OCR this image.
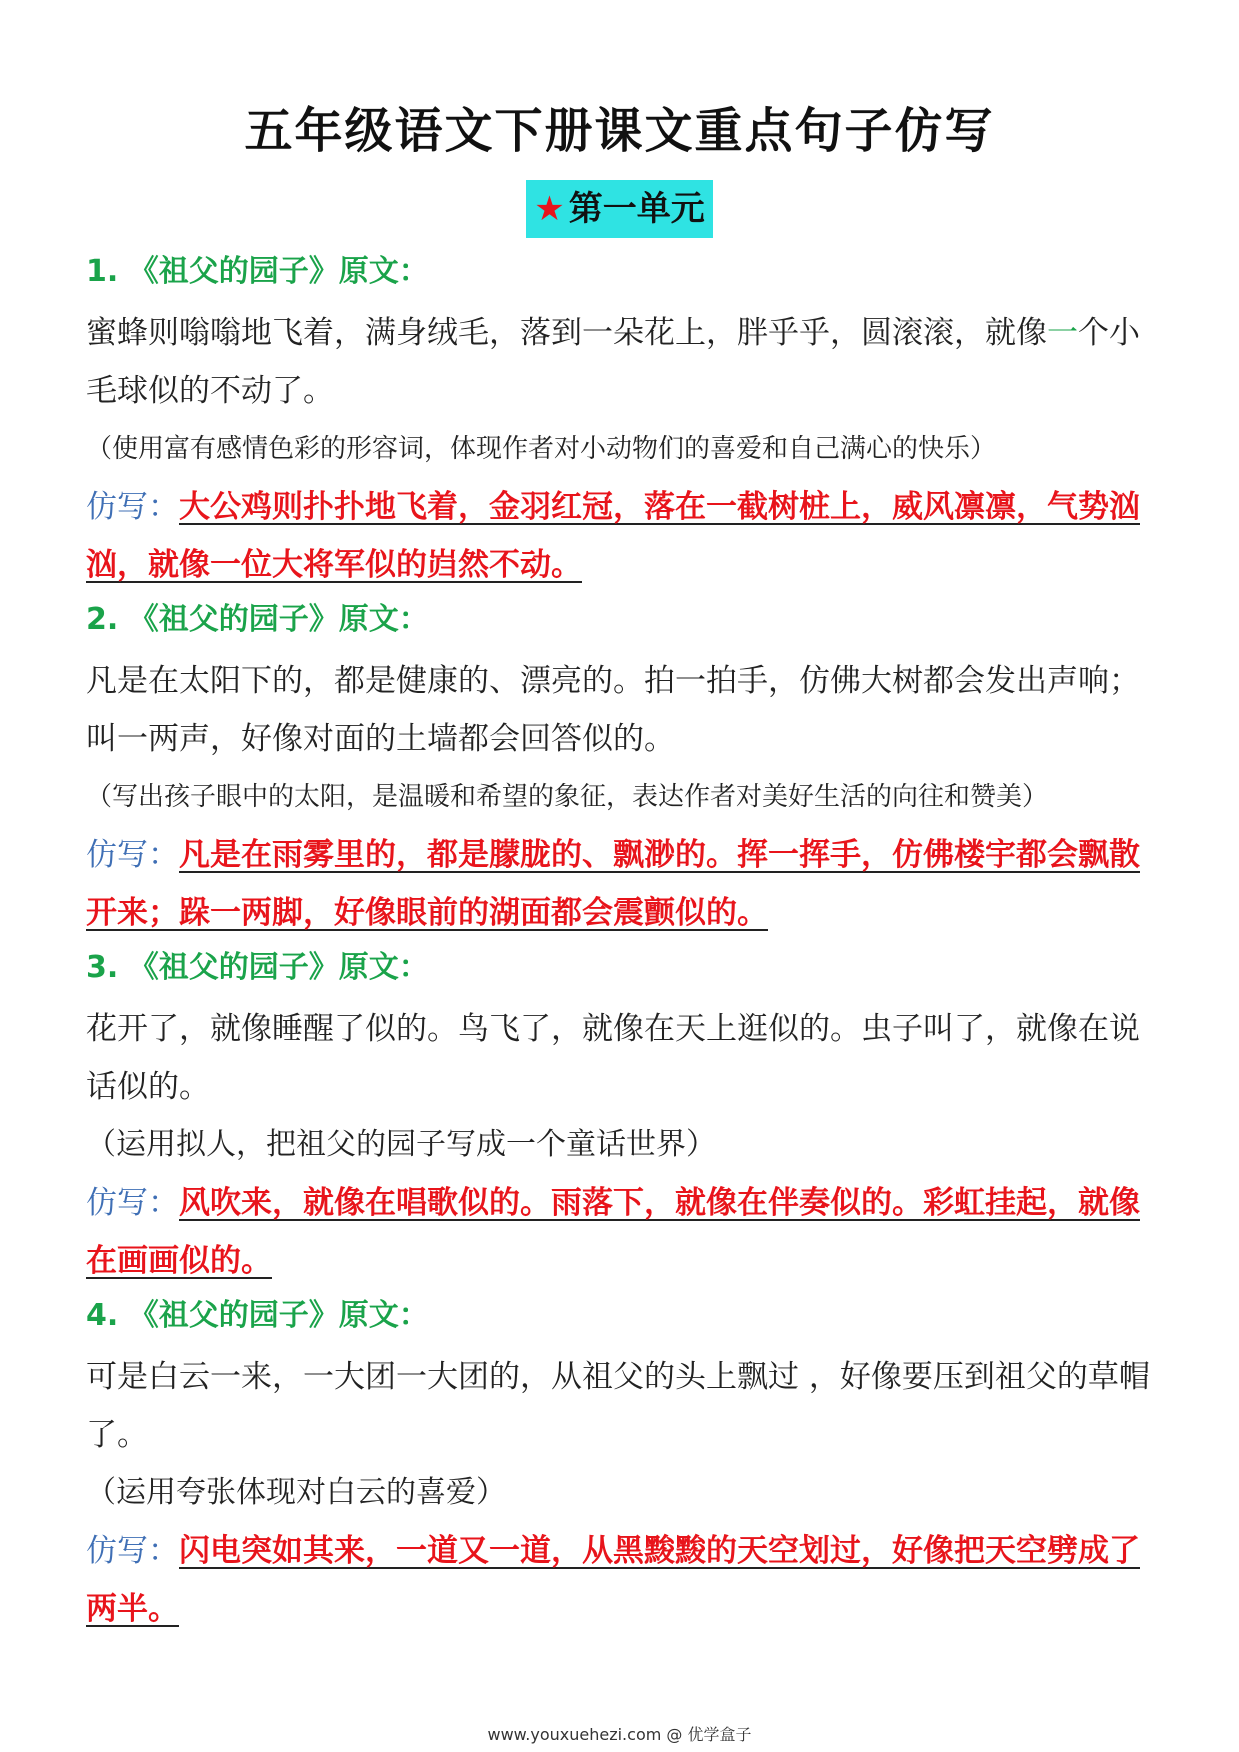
五年级语文下册课文重点句子仿写
★ 第一单元
1. 《祖父的园子》原文：

蜜蜂则嗡嗡地飞着，满身绒毛，落到一朵花上，胖乎乎，圆滚滚，就像一个小毛球似的不动了。

（使用富有感情色彩的形容词，体现作者对小动物们的喜爱和自己满心的快乐）

仿写：大公鸡则扑扑地飞着，金羽红冠，落在一截树桩上，威风凛凛，气势汹汹，就像一位大将军似的岿然不动。

2. 《祖父的园子》原文：

凡是在太阳下的，都是健康的、漂亮的。拍一拍手，仿佛大树都会发出声响；叫一两声，好像对面的土墙都会回答似的。

（写出孩子眼中的太阳，是温暖和希望的象征，表达作者对美好生活的向往和赞美）

仿写：凡是在雨雾里的，都是朦胧的、飘渺的。挥一挥手，仿佛楼宇都会飘散开来；跺一两脚，好像眼前的湖面都会震颤似的。

3. 《祖父的园子》原文：

花开了，就像睡醒了似的。鸟飞了，就像在天上逛似的。虫子叫了，就像在说话似的。

（运用拟人，把祖父的园子写成一个童话世界）

仿写：风吹来，就像在唱歌似的。雨落下，就像在伴奏似的。彩虹挂起，就像在画画似的。

4. 《祖父的园子》原文：

可是白云一来，一大团一大团的，从祖父的头上飘过 ，好像要压到祖父的草帽了。

（运用夸张体现对白云的喜爱）

仿写：闪电突如其来，一道又一道，从黑黢黢的天空划过，好像把天空劈成了两半。

www.youxuehezi.com @ 优学盒子
